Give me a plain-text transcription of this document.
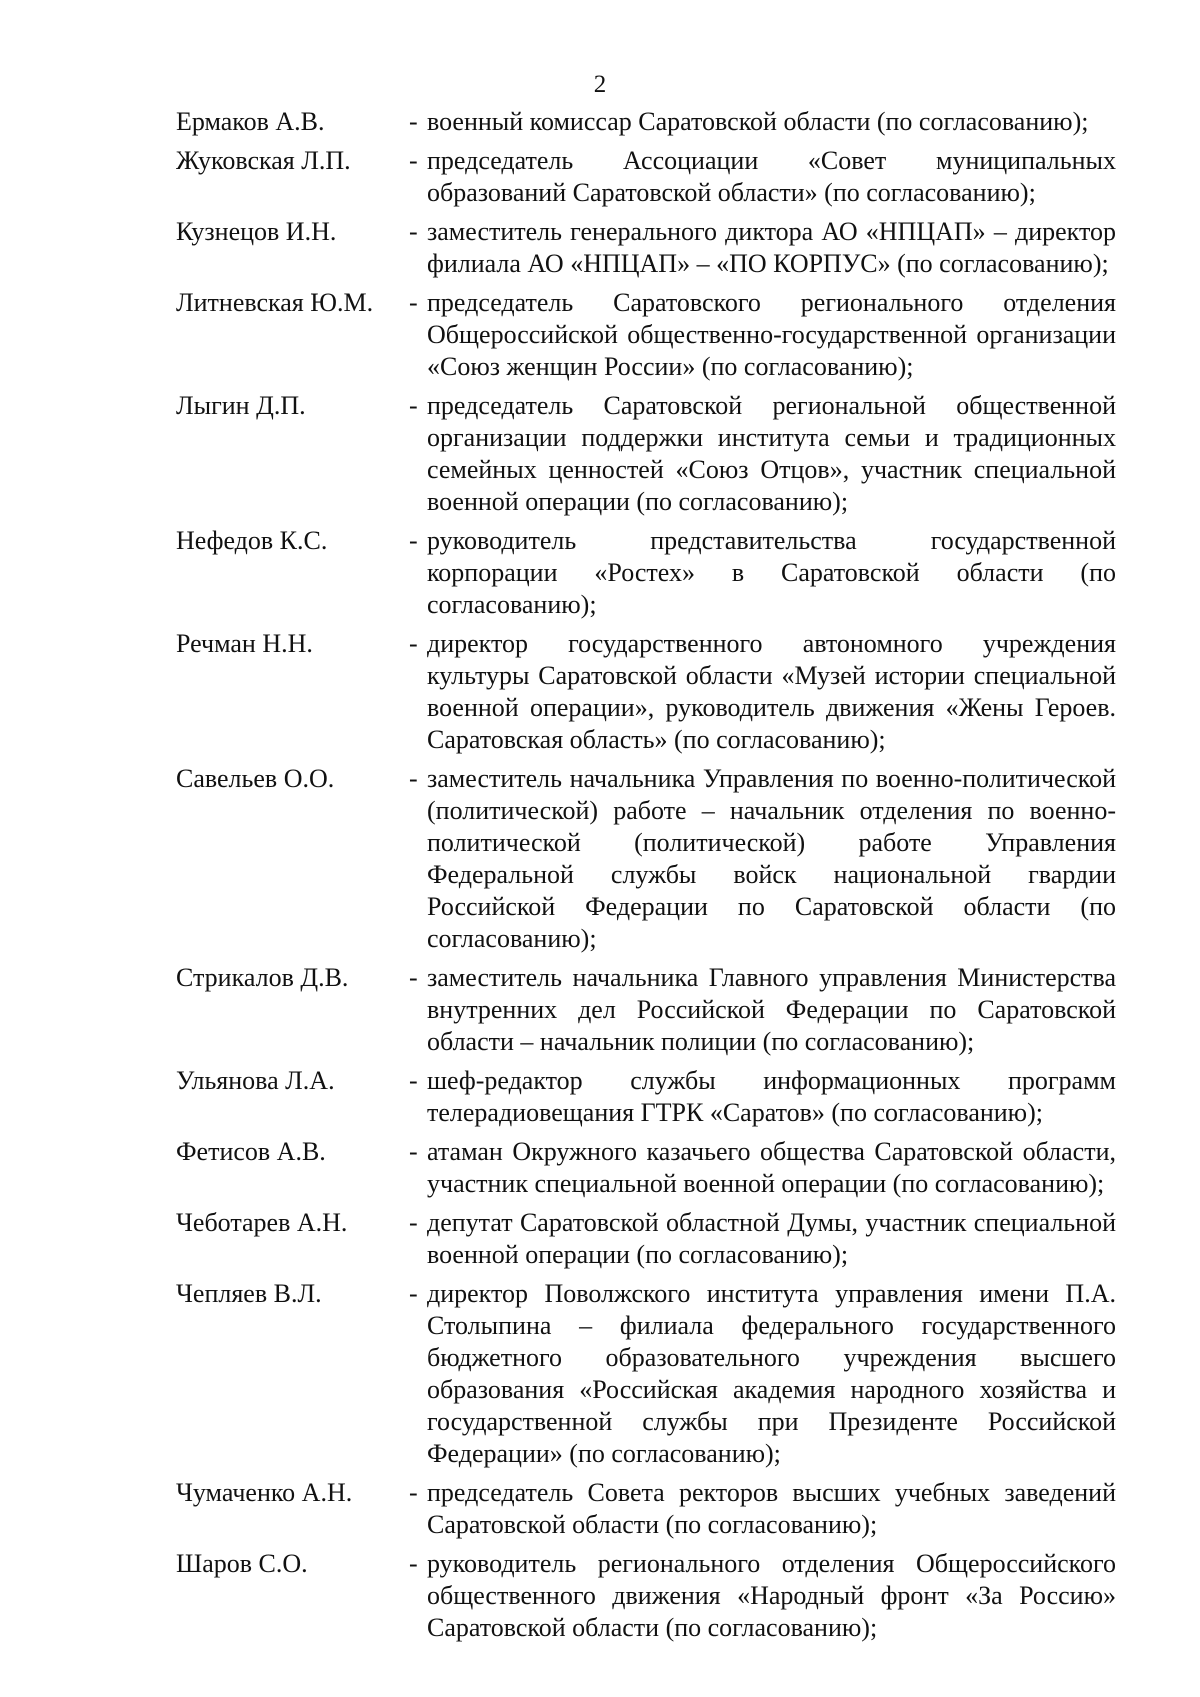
2
Ермаков А.В.	- военный комиссар Саратовской области (по согласованию);
Жуковская Л.П.	- председатель Ассоциации «Совет муниципальных образований Саратовской области» (по согласованию);
Кузнецов И.Н.	- заместитель генерального диктора АО «НПЦАП» – директор филиала АО «НПЦАП» – «ПО КОРПУС» (по согласованию);
Литневская Ю.М.	- председатель Саратовского регионального отделения Общероссийской общественно-государственной организации «Союз женщин России» (по согласованию);
Лыгин Д.П.	- председатель Саратовской региональной общественной организации поддержки института семьи и традиционных семейных ценностей «Союз Отцов», участник специальной военной операции (по согласованию);
Нефедов К.С.	- руководитель представительства государственной корпорации «Ростех» в Саратовской области (по согласованию);
Речман Н.Н.	- директор государственного автономного учреждения культуры Саратовской области «Музей истории специальной военной операции», руководитель движения «Жены Героев. Саратовская область» (по согласованию);
Савельев О.О.	- заместитель начальника Управления по военно-политической (политической) работе – начальник отделения по военно-политической (политической) работе Управления Федеральной службы войск национальной гвардии Российской Федерации по Саратовской области (по согласованию);
Стрикалов Д.В.	- заместитель начальника Главного управления Министерства внутренних дел Российской Федерации по Саратовской области – начальник полиции (по согласованию);
Ульянова Л.А.	- шеф-редактор службы информационных программ телерадиовещания ГТРК «Саратов» (по согласованию);
Фетисов А.В.	- атаман Окружного казачьего общества Саратовской области, участник специальной военной операции (по согласованию);
Чеботарев А.Н.	- депутат Саратовской областной Думы, участник специальной военной операции (по согласованию);
Чепляев В.Л.	- директор Поволжского института управления имени П.А. Столыпина – филиала федерального государственного бюджетного образовательного учреждения высшего образования «Российская академия народного хозяйства и государственной службы при Президенте Российской Федерации» (по согласованию);
Чумаченко А.Н.	- председатель Совета ректоров высших учебных заведений Саратовской области (по согласованию);
Шаров С.О.	- руководитель регионального отделения Общероссийского общественного движения «Народный фронт «За Россию» Саратовской области (по согласованию);
